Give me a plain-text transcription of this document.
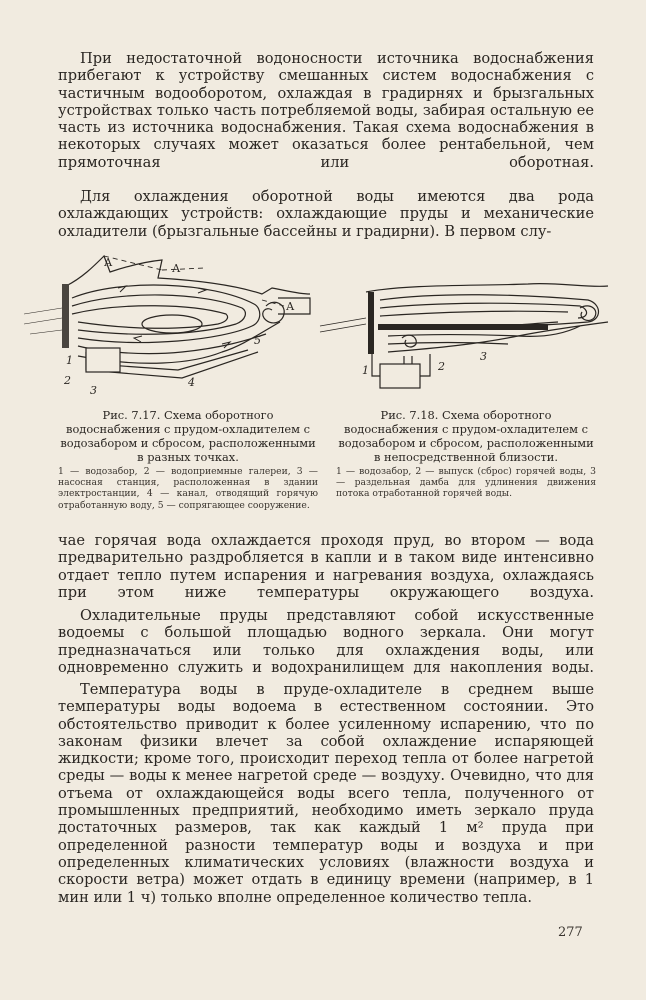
При недостаточной водоносности источника водоснабжения прибегают к устройству смешанных систем водоснабжения с частичным водооборотом, охлаждая в градирнях и брызгальных устройствах только часть потребляемой воды, забирая остальную ее часть из источника водоснабжения. Такая схема водоснабжения в некоторых случаях может оказаться более рентабельной, чем прямоточная или оборотная.

Для охлаждения оборотной воды имеются два рода охлаждающих устройств: охлаждающие пруды и механические охладители (брызгальные бассейны и градирни). В первом слу-

А
А
А
1
2
3
4
5
1	2
3

Рис. 7.17. Схема оборотного водоснабжения с прудом-охладителем с водозабором и сбросом, расположенными в разных точках.

1 — водозабор, 2 — водоприемные галереи, 3 — насосная станция, расположенная в здании электростанции, 4 — канал, отводящий горячую отработанную воду, 5 — сопрягающее сооружение.

Рис. 7.18. Схема оборотного водоснабжения с прудом-охладителем с водозабором и сбросом, расположенными в непосредственной близости.

1 — водозабор, 2 — выпуск (сброс) горячей воды, 3 — раздельная дамба для удлинения движения потока отработанной горячей воды.

чае горячая вода охлаждается проходя пруд, во втором — вода предварительно раздробляется в капли и в таком виде интенсивно отдает тепло путем испарения и нагревания воздуха, охлаждаясь при этом ниже температуры окружающего воздуха.

Охладительные пруды представляют собой искусственные водоемы с большой площадью водного зеркала. Они могут предназначаться или только для охлаждения воды, или одновременно служить и водохранилищем для накопления воды.

Температура воды в пруде-охладителе в среднем выше температуры воды водоема в естественном состоянии. Это обстоятельство приводит к более усиленному испарению, что по законам физики влечет за собой охлаждение испаряющей жидкости; кроме того, происходит переход тепла от более нагретой среды — воды к менее нагретой среде — воздуху. Очевидно, что для отъема от охлаждающейся воды всего тепла, полученного от промышленных предприятий, необходимо иметь зеркало пруда достаточных размеров, так как каждый 1 м² пруда при определенной разности температур воды и воздуха и при определенных климатических условиях (влажности воздуха и скорости ветра) может отдать в единицу времени (например, в 1 мин или 1 ч) только вполне определенное количество тепла.

277
